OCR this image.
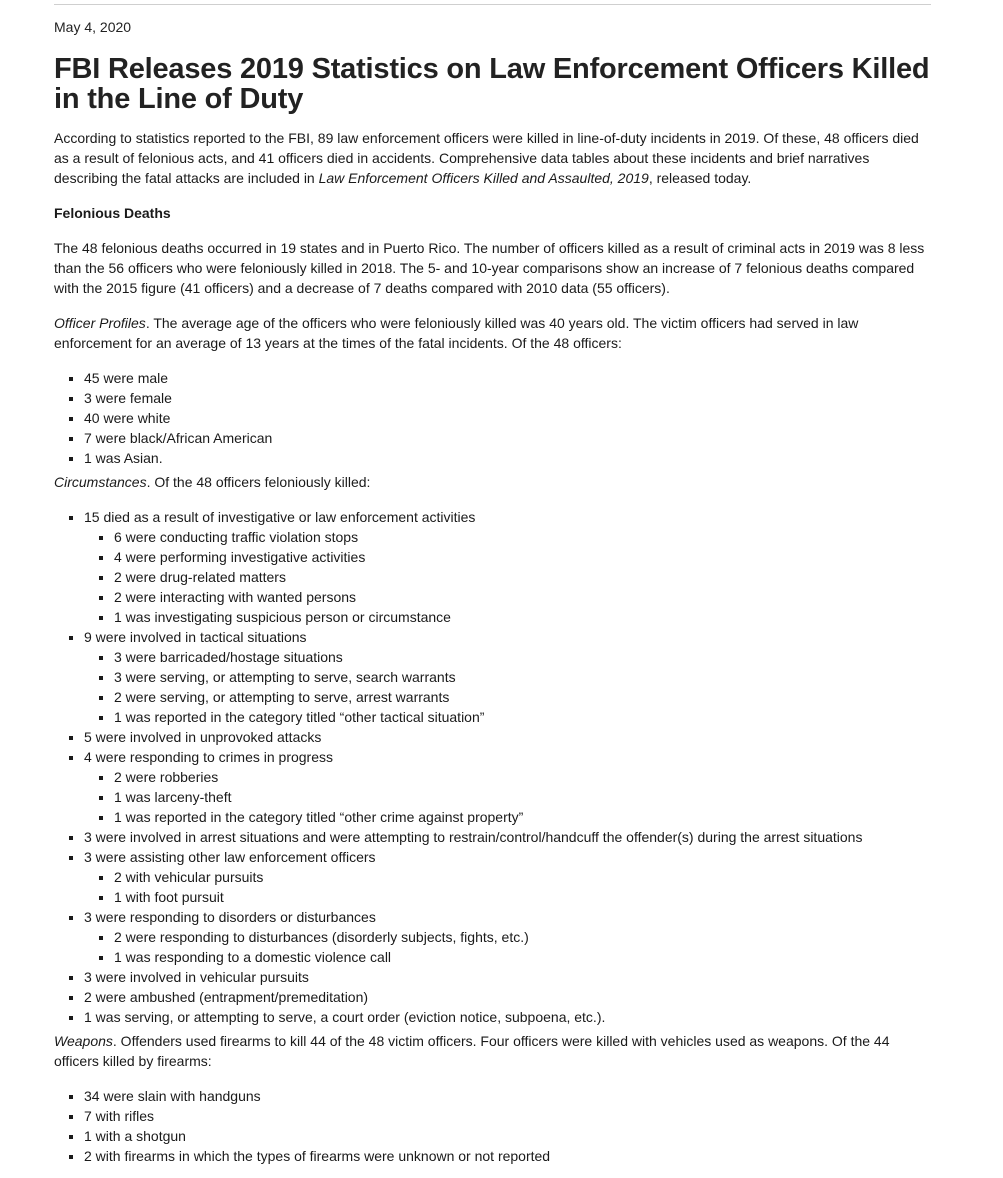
May 4, 2020

FBI Releases 2019 Statistics on Law Enforcement Officers Killed in the Line of Duty

According to statistics reported to the FBI, 89 law enforcement officers were killed in line-of-duty incidents in 2019. Of these, 48 officers died as a result of felonious acts, and 41 officers died in accidents. Comprehensive data tables about these incidents and brief narratives describing the fatal attacks are included in Law Enforcement Officers Killed and Assaulted, 2019, released today.

Felonious Deaths

The 48 felonious deaths occurred in 19 states and in Puerto Rico. The number of officers killed as a result of criminal acts in 2019 was 8 less than the 56 officers who were feloniously killed in 2018. The 5- and 10-year comparisons show an increase of 7 felonious deaths compared with the 2015 figure (41 officers) and a decrease of 7 deaths compared with 2010 data (55 officers).

Officer Profiles. The average age of the officers who were feloniously killed was 40 years old. The victim officers had served in law enforcement for an average of 13 years at the times of the fatal incidents. Of the 48 officers:

45 were male
3 were female
40 were white
7 were black/African American
1 was Asian.

Circumstances. Of the 48 officers feloniously killed:

15 died as a result of investigative or law enforcement activities
6 were conducting traffic violation stops
4 were performing investigative activities
2 were drug-related matters
2 were interacting with wanted persons
1 was investigating suspicious person or circumstance
9 were involved in tactical situations
3 were barricaded/hostage situations
3 were serving, or attempting to serve, search warrants
2 were serving, or attempting to serve, arrest warrants
1 was reported in the category titled “other tactical situation”
5 were involved in unprovoked attacks
4 were responding to crimes in progress
2 were robberies
1 was larceny-theft
1 was reported in the category titled “other crime against property”
3 were involved in arrest situations and were attempting to restrain/control/handcuff the offender(s) during the arrest situations
3 were assisting other law enforcement officers
2 with vehicular pursuits
1 with foot pursuit
3 were responding to disorders or disturbances
2 were responding to disturbances (disorderly subjects, fights, etc.)
1 was responding to a domestic violence call
3 were involved in vehicular pursuits
2 were ambushed (entrapment/premeditation)
1 was serving, or attempting to serve, a court order (eviction notice, subpoena, etc.).

Weapons. Offenders used firearms to kill 44 of the 48 victim officers. Four officers were killed with vehicles used as weapons. Of the 44 officers killed by firearms:

34 were slain with handguns
7 with rifles
1 with a shotgun
2 with firearms in which the types of firearms were unknown or not reported
